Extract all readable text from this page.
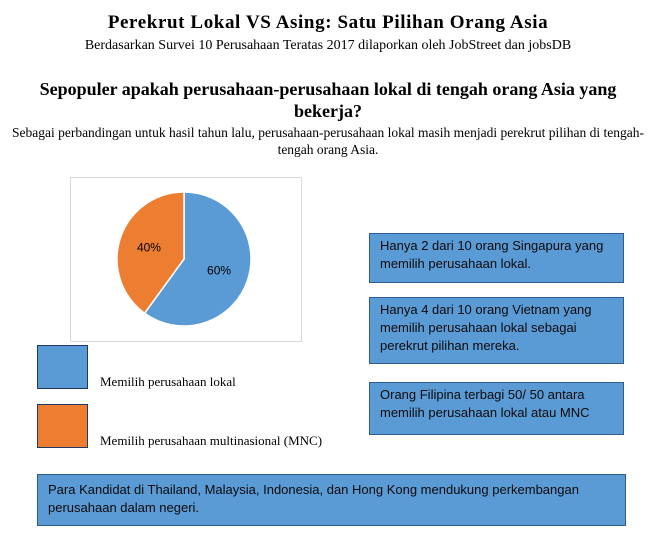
Perekrut Lokal VS Asing: Satu Pilihan Orang Asia
Berdasarkan Survei 10 Perusahaan Teratas 2017 dilaporkan oleh JobStreet dan jobsDB
Sepopuler apakah perusahaan-perusahaan lokal di tengah orang Asia yang bekerja?
Sebagai perbandingan untuk hasil tahun lalu, perusahaan-perusahaan lokal masih menjadi perekrut pilihan di tengah-tengah orang Asia.
60%
40%
Memilih perusahaan lokal
Memilih perusahaan multinasional (MNC)
Hanya 2 dari 10 orang Singapura yang memilih perusahaan lokal.
Hanya 4 dari 10 orang Vietnam yang memilih perusahaan lokal sebagai perekrut pilihan mereka.
Orang Filipina terbagi 50/ 50 antara memilih perusahaan lokal atau MNC
Para Kandidat di Thailand, Malaysia, Indonesia, dan Hong Kong mendukung perkembangan perusahaan dalam negeri.
